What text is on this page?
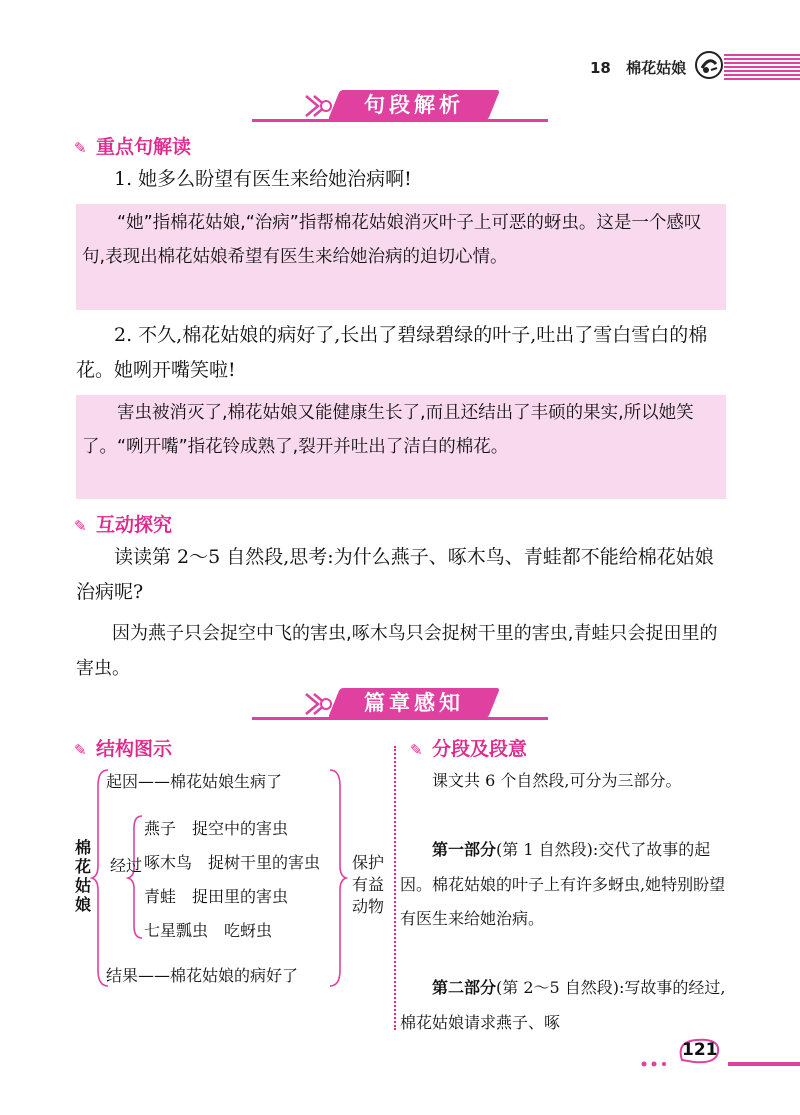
18 棉花姑娘
句段解析
✎ 重点句解读
1. 她多么盼望有医生来给她治病啊!
“她”指棉花姑娘,“治病”指帮棉花姑娘消灭叶子上可恶的蚜虫。这是一个感叹句,表现出棉花姑娘希望有医生来给她治病的迫切心情。
2. 不久,棉花姑娘的病好了,长出了碧绿碧绿的叶子,吐出了雪白雪白的棉花。她咧开嘴笑啦!
害虫被消灭了,棉花姑娘又能健康生长了,而且还结出了丰硕的果实,所以她笑了。“咧开嘴”指花铃成熟了,裂开并吐出了洁白的棉花。
✎ 互动探究
读读第 2～5 自然段,思考:为什么燕子、啄木鸟、青蛙都不能给棉花姑娘治病呢?
因为燕子只会捉空中飞的害虫,啄木鸟只会捉树干里的害虫,青蛙只会捉田里的害虫。
篇章感知
✎ 结构图示	✎ 分段及段意
棉花姑娘
起因——棉花姑娘生病了
经过
燕子　捉空中的害虫
啄木鸟　捉树干里的害虫
青蛙　捉田里的害虫
七星瓢虫　吃蚜虫
结果——棉花姑娘的病好了
保护有益动物
课文共 6 个自然段,可分为三部分。
第一部分(第 1 自然段):交代了故事的起因。棉花姑娘的叶子上有许多蚜虫,她特别盼望有医生来给她治病。
第二部分(第 2～5 自然段):写故事的经过,棉花姑娘请求燕子、啄
121
